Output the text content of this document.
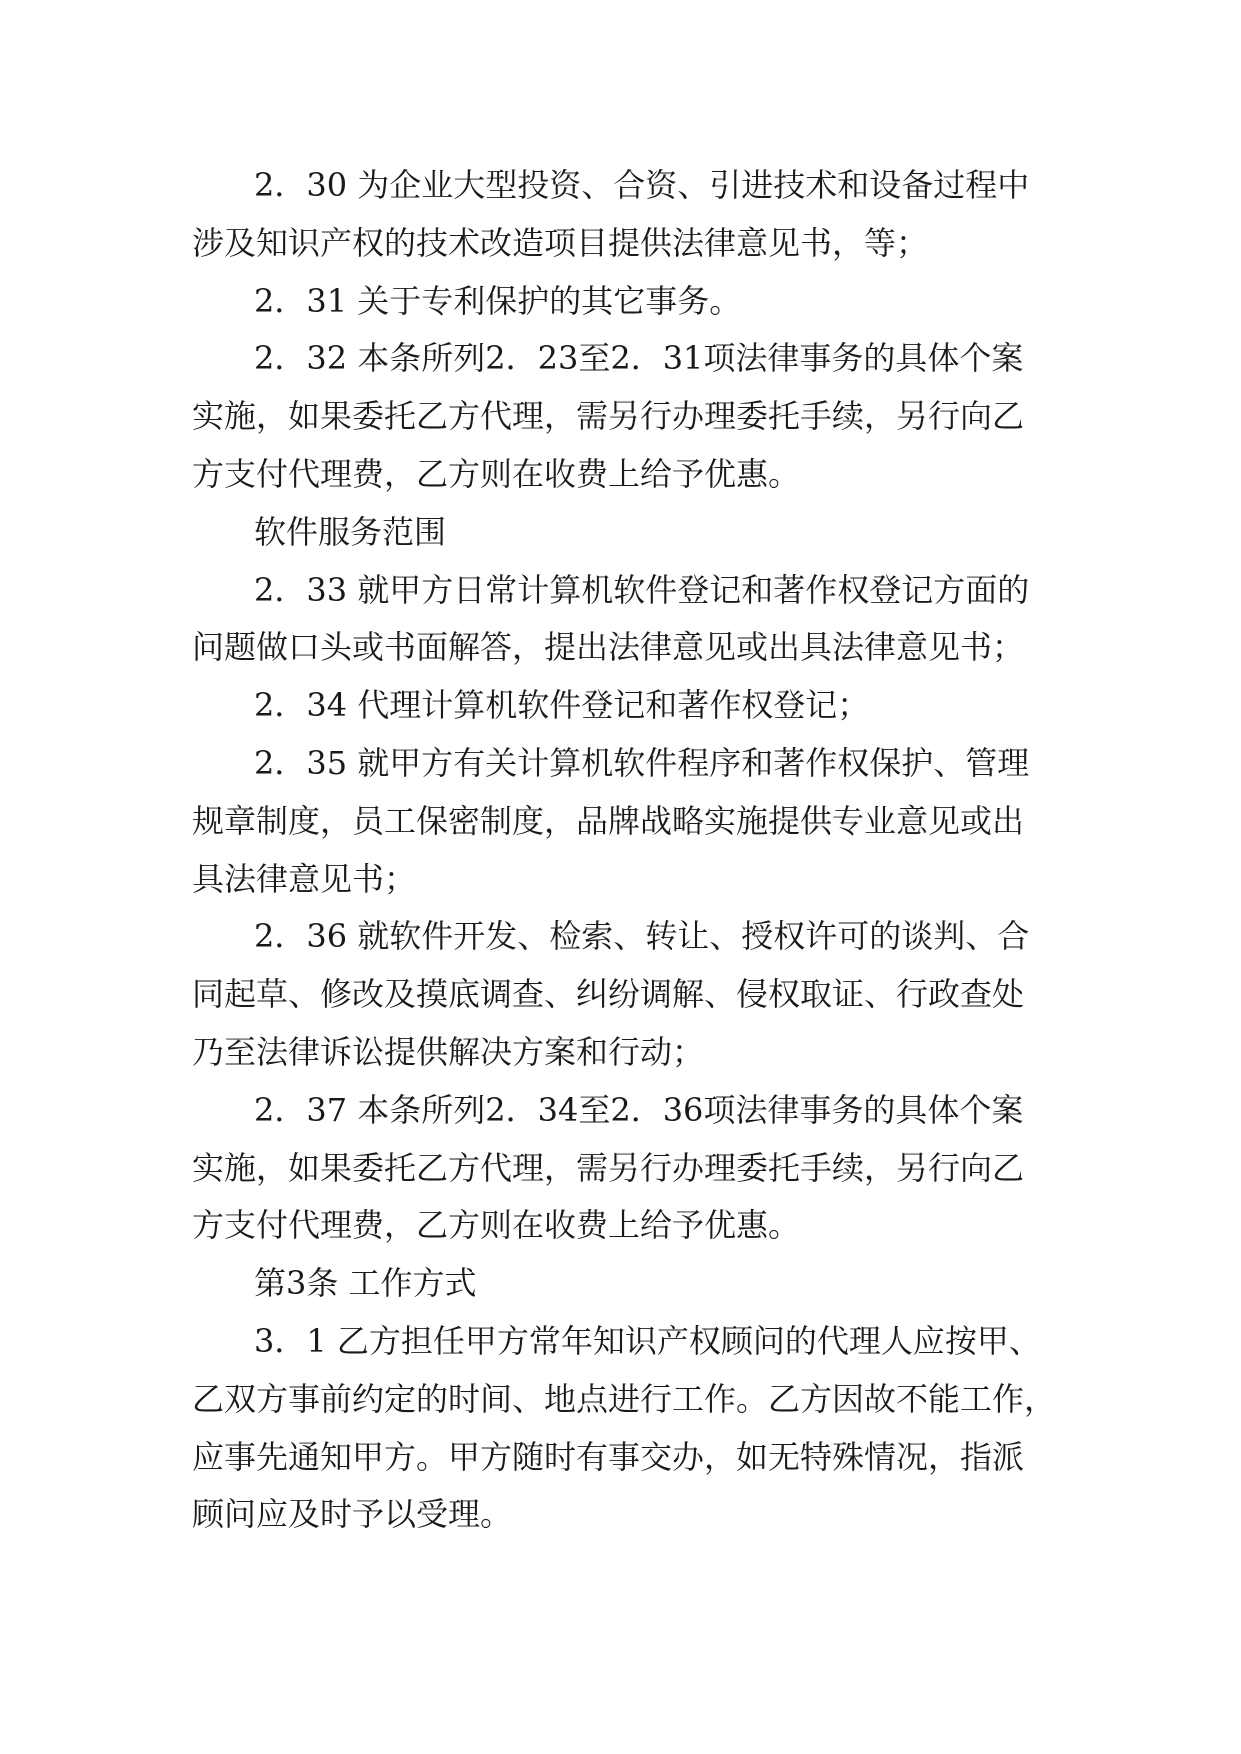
2．30 为企业大型投资、合资、引进技术和设备过程中
涉及知识产权的技术改造项目提供法律意见书，等；
2．31 关于专利保护的其它事务。
2．32 本条所列2．23至2．31项法律事务的具体个案
实施，如果委托乙方代理，需另行办理委托手续，另行向乙
方支付代理费，乙方则在收费上给予优惠。
软件服务范围
2．33 就甲方日常计算机软件登记和著作权登记方面的
问题做口头或书面解答，提出法律意见或出具法律意见书；
2．34 代理计算机软件登记和著作权登记；
2．35 就甲方有关计算机软件程序和著作权保护、管理
规章制度，员工保密制度，品牌战略实施提供专业意见或出
具法律意见书；
2．36 就软件开发、检索、转让、授权许可的谈判、合
同起草、修改及摸底调查、纠纷调解、侵权取证、行政查处
乃至法律诉讼提供解决方案和行动；
2．37 本条所列2．34至2．36项法律事务的具体个案
实施，如果委托乙方代理，需另行办理委托手续，另行向乙
方支付代理费，乙方则在收费上给予优惠。
第3条 工作方式
3．1 乙方担任甲方常年知识产权顾问的代理人应按甲、
乙双方事前约定的时间、地点进行工作。乙方因故不能工作，
应事先通知甲方。甲方随时有事交办，如无特殊情况，指派
顾问应及时予以受理。
